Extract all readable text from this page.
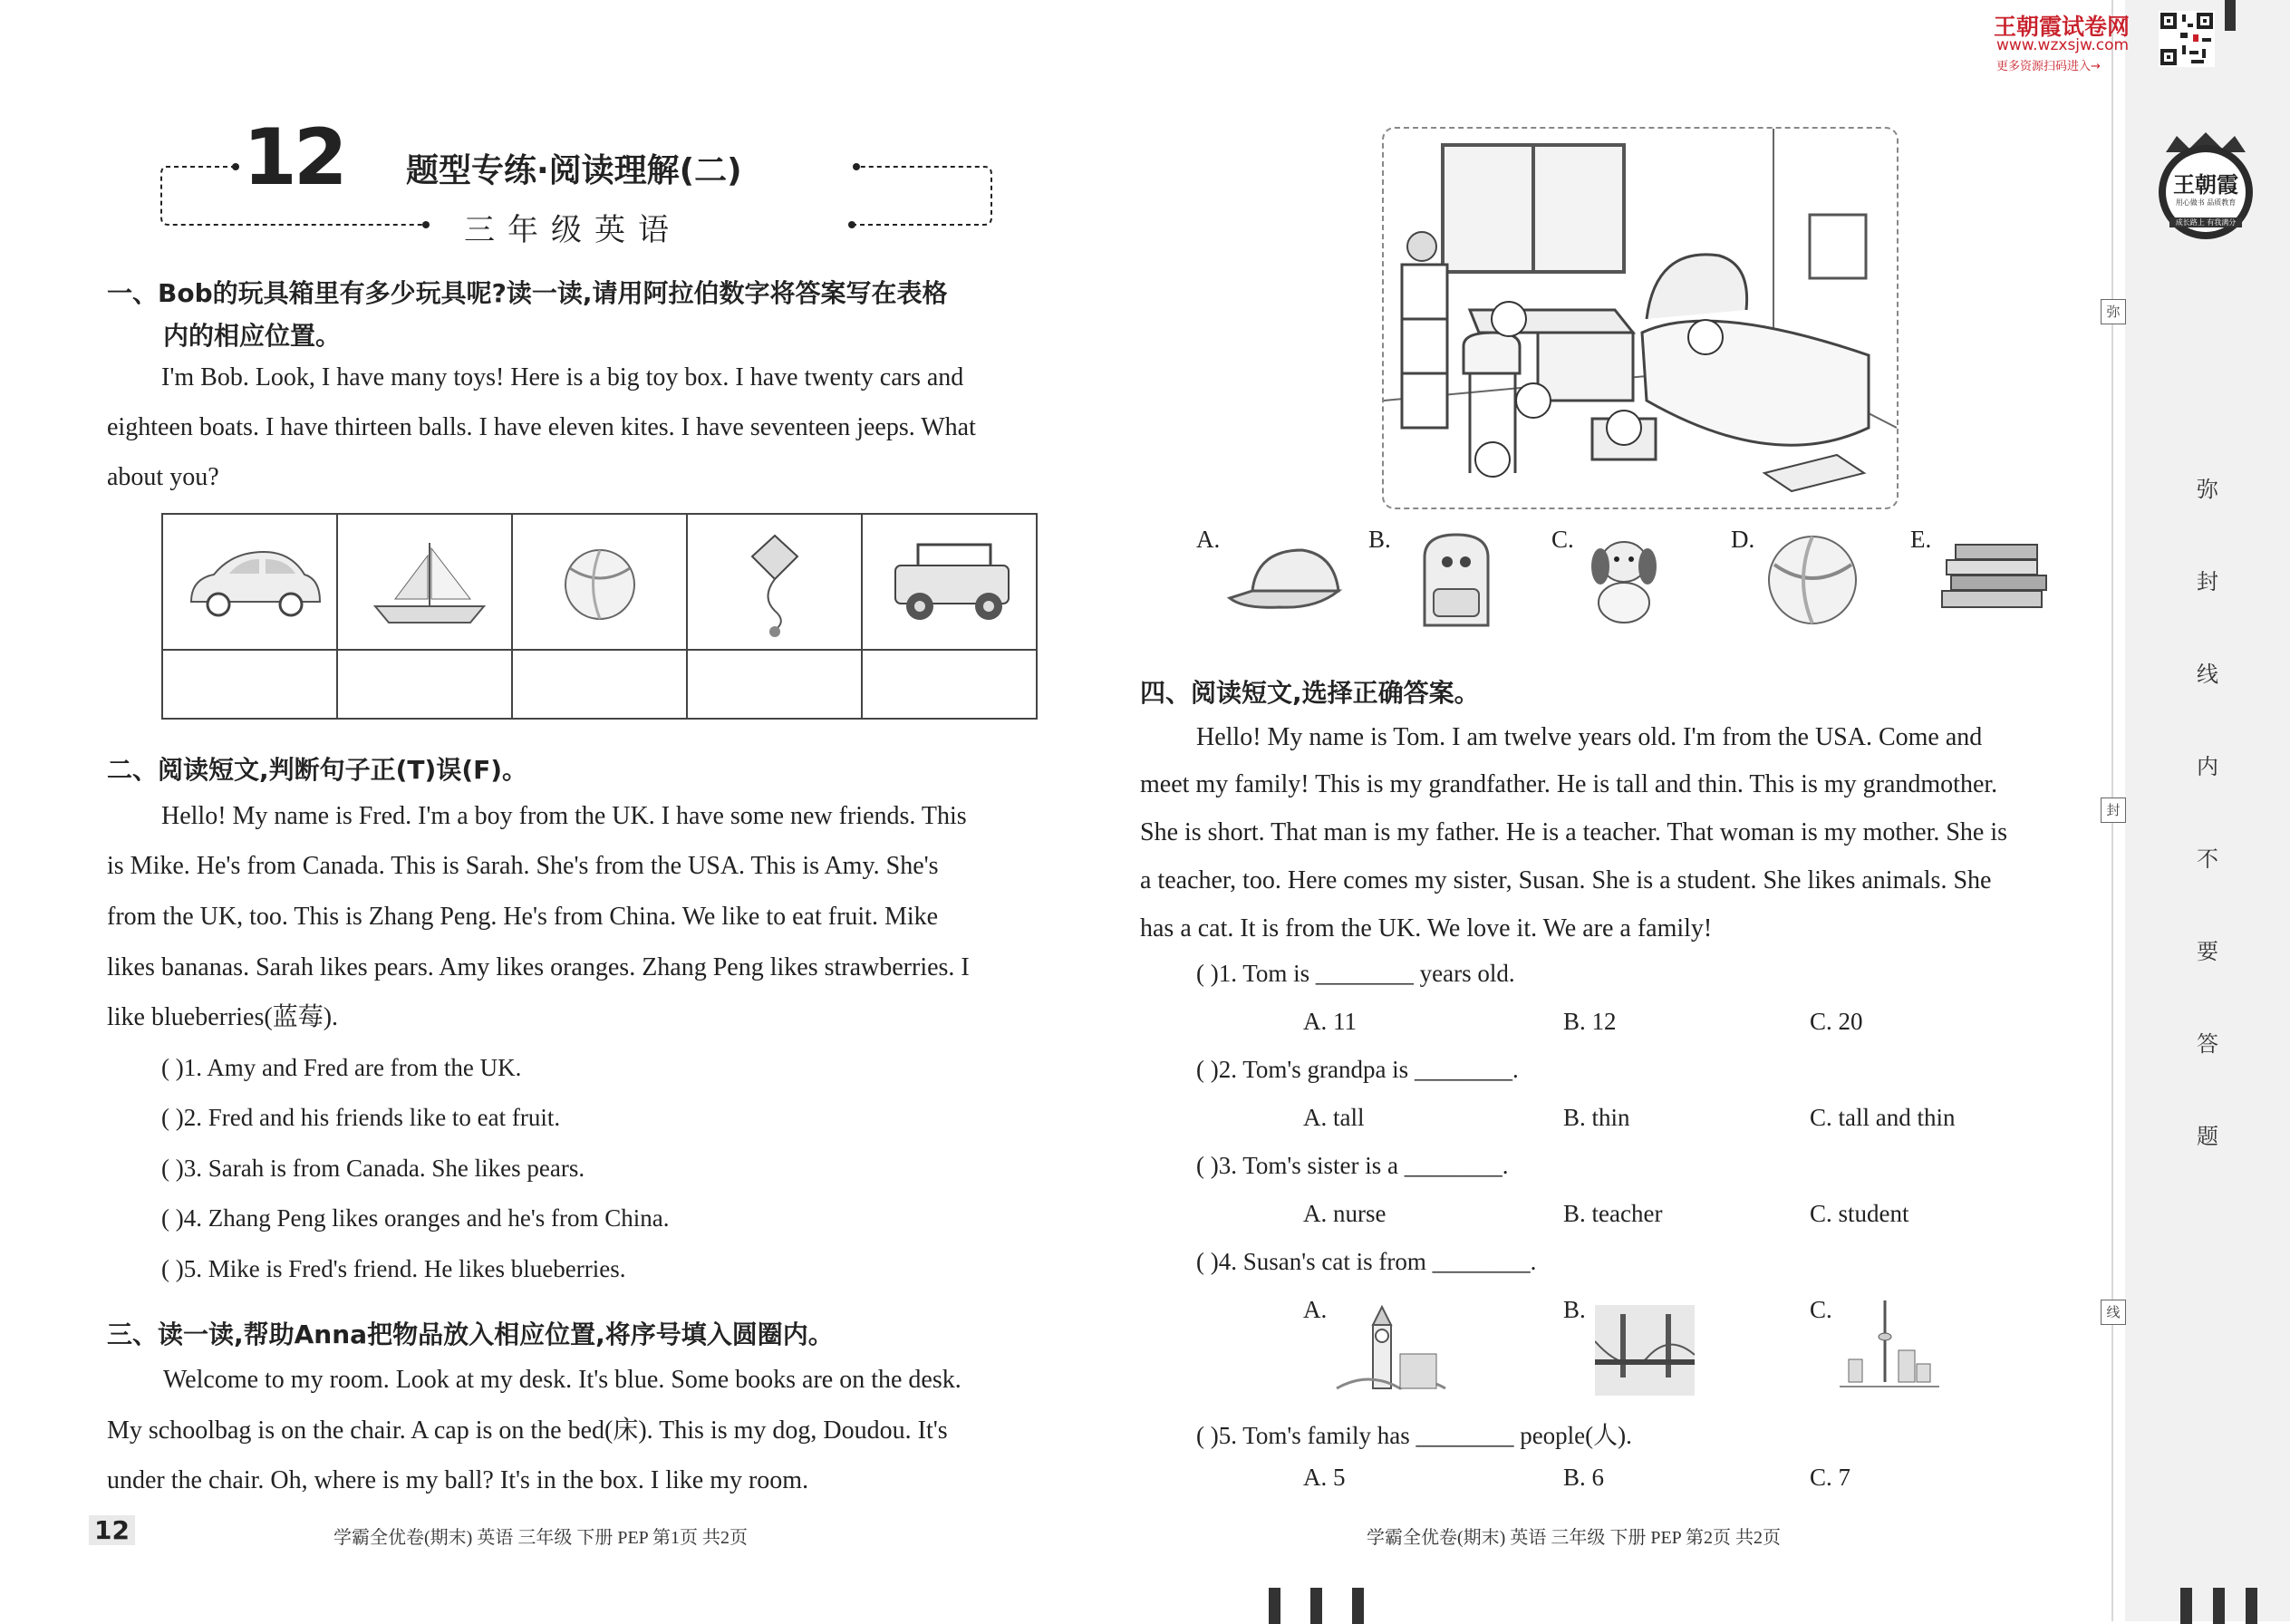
弥
封
线
弥
封
线
内
不
要
答
题
王朝霞
用心做书 品质教育
成长路上 有我满分
王朝霞试卷网
www.wzxsjw.com
更多资源扫码进入→
12 题型专练·阅读理解(二)
三年级英语
一、Bob的玩具箱里有多少玩具呢?读一读,请用阿拉伯数字将答案写在表格
内的相应位置。
I'm Bob. Look, I have many toys! Here is a big toy box. I have twenty cars and
eighteen boats. I have thirteen balls. I have eleven kites. I have seventeen jeeps. What
about you?

二、阅读短文,判断句子正(T)误(F)。
Hello! My name is Fred. I'm a boy from the UK. I have some new friends. This
is Mike. He's from Canada. This is Sarah. She's from the USA. This is Amy. She's
from the UK, too. This is Zhang Peng. He's from China. We like to eat fruit. Mike
likes bananas. Sarah likes pears. Amy likes oranges. Zhang Peng likes strawberries. I
like blueberries(蓝莓).
( )1. Amy and Fred are from the UK.
( )2. Fred and his friends like to eat fruit.
( )3. Sarah is from Canada. She likes pears.
( )4. Zhang Peng likes oranges and he's from China.
( )5. Mike is Fred's friend. He likes blueberries.
三、读一读,帮助Anna把物品放入相应位置,将序号填入圆圈内。
Welcome to my room. Look at my desk. It's blue. Some books are on the desk.
My schoolbag is on the chair. A cap is on the bed(床). This is my dog, Doudou. It's
under the chair. Oh, where is my ball? It's in the box. I like my room.
12	学霸全优卷(期末) 英语 三年级 下册 PEP 第1页 共2页
A.	B.	C.	D.	E.
四、阅读短文,选择正确答案。
Hello! My name is Tom. I am twelve years old. I'm from the USA. Come and
meet my family! This is my grandfather. He is tall and thin. This is my grandmother.
She is short. That man is my father. He is a teacher. That woman is my mother. She is
a teacher, too. Here comes my sister, Susan. She is a student. She likes animals. She
has a cat. It is from the UK. We love it. We are a family!
( )1. Tom is ________ years old.
A. 11	B. 12	C. 20
( )2. Tom's grandpa is ________.
A. tall	B. thin	C. tall and thin
( )3. Tom's sister is a ________.
A. nurse	B. teacher	C. student
( )4. Susan's cat is from ________.
A.	B.	C.
( )5. Tom's family has ________ people(人).
A. 5	B. 6	C. 7
学霸全优卷(期末) 英语 三年级 下册 PEP 第2页 共2页
